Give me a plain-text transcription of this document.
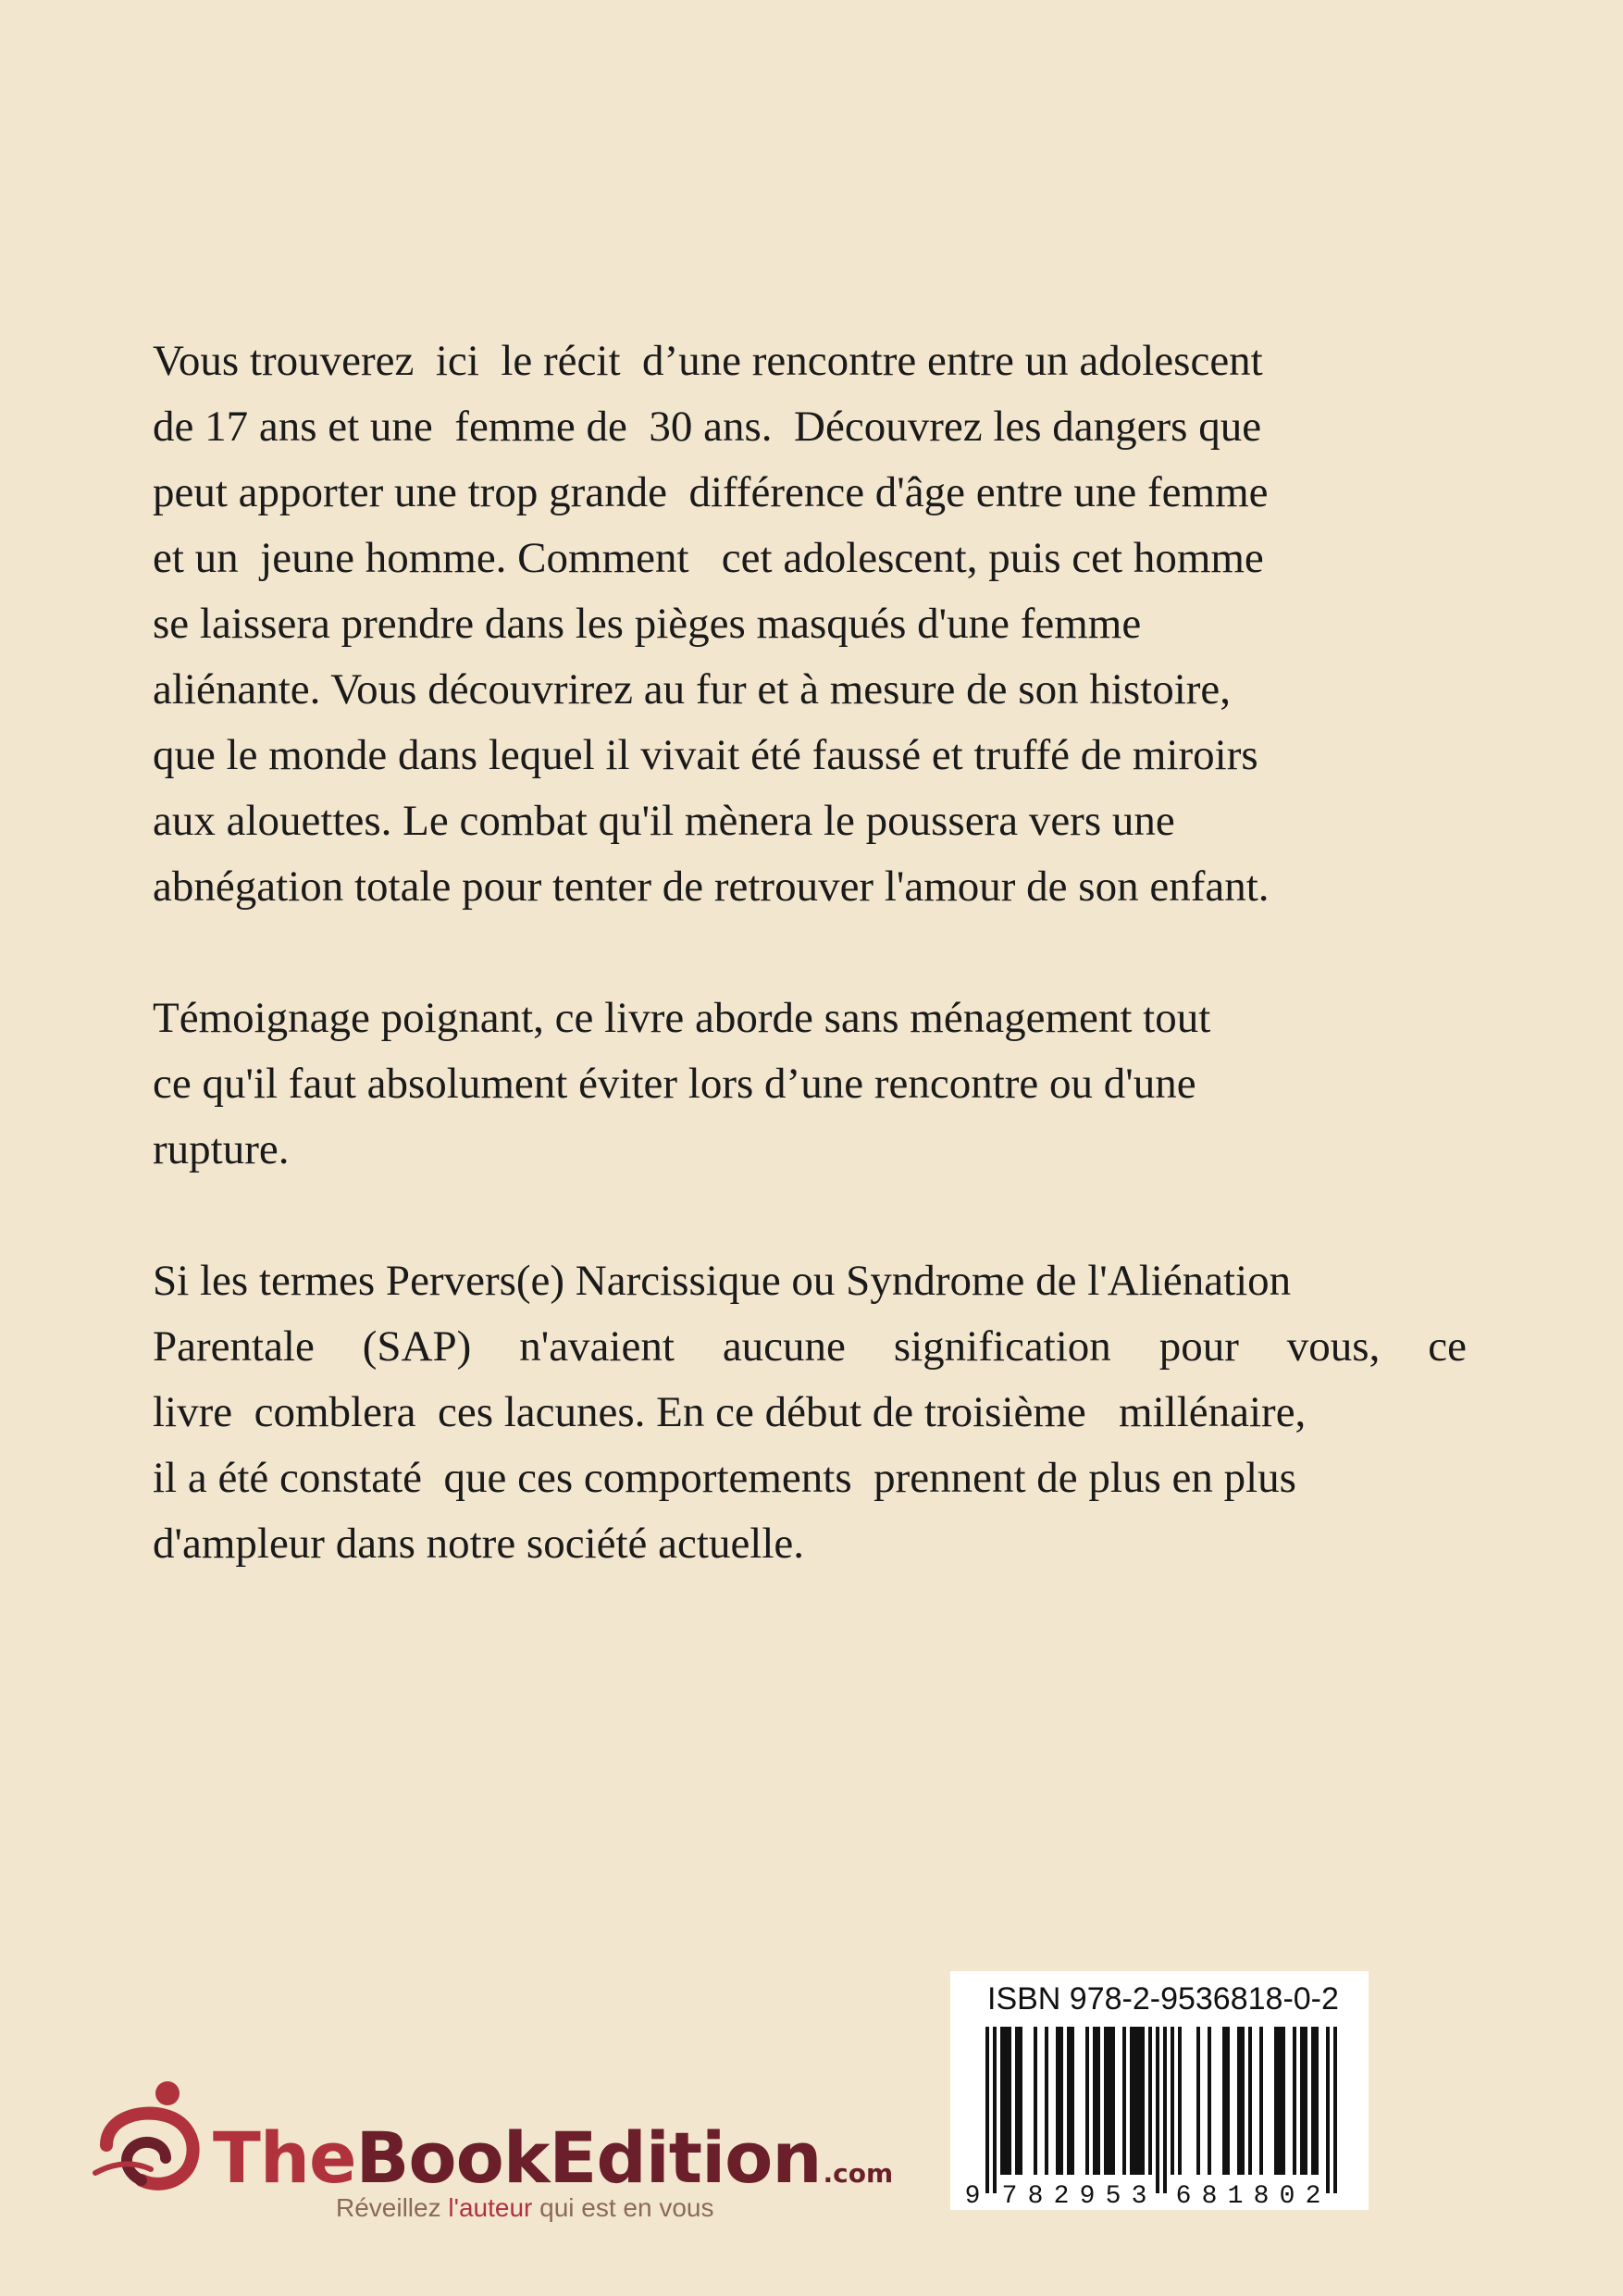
Vous trouverez  ici  le récit  d’une rencontre entre un adolescent
de 17 ans et une  femme de  30 ans.  Découvrez les dangers que
peut apporter une trop grande  différence d'âge entre une femme
et un  jeune homme. Comment   cet adolescent, puis cet homme
se laissera prendre dans les pièges masqués d'une femme
aliénante. Vous découvrirez au fur et à mesure de son histoire,
que le monde dans lequel il vivait été faussé et truffé de miroirs
aux alouettes. Le combat qu'il mènera le poussera vers une
abnégation totale pour tenter de retrouver l'amour de son enfant.

Témoignage poignant, ce livre aborde sans ménagement tout
ce qu'il faut absolument éviter lors d’une rencontre ou d'une
rupture.

Si les termes Pervers(e) Narcissique ou Syndrome de l'Aliénation
Parentale (SAP) n'avaient aucune signification pour vous, ce
livre  comblera  ces lacunes. En ce début de troisième   millénaire,
il a été constaté  que ces comportements  prennent de plus en plus
d'ampleur dans notre société actuelle.

TheBookEdition.com
Réveillez l'auteur qui est en vous
ISBN 978-2-9536818-0-2
9 7 8 2 9 5 3 6 8 1 8 0 2
